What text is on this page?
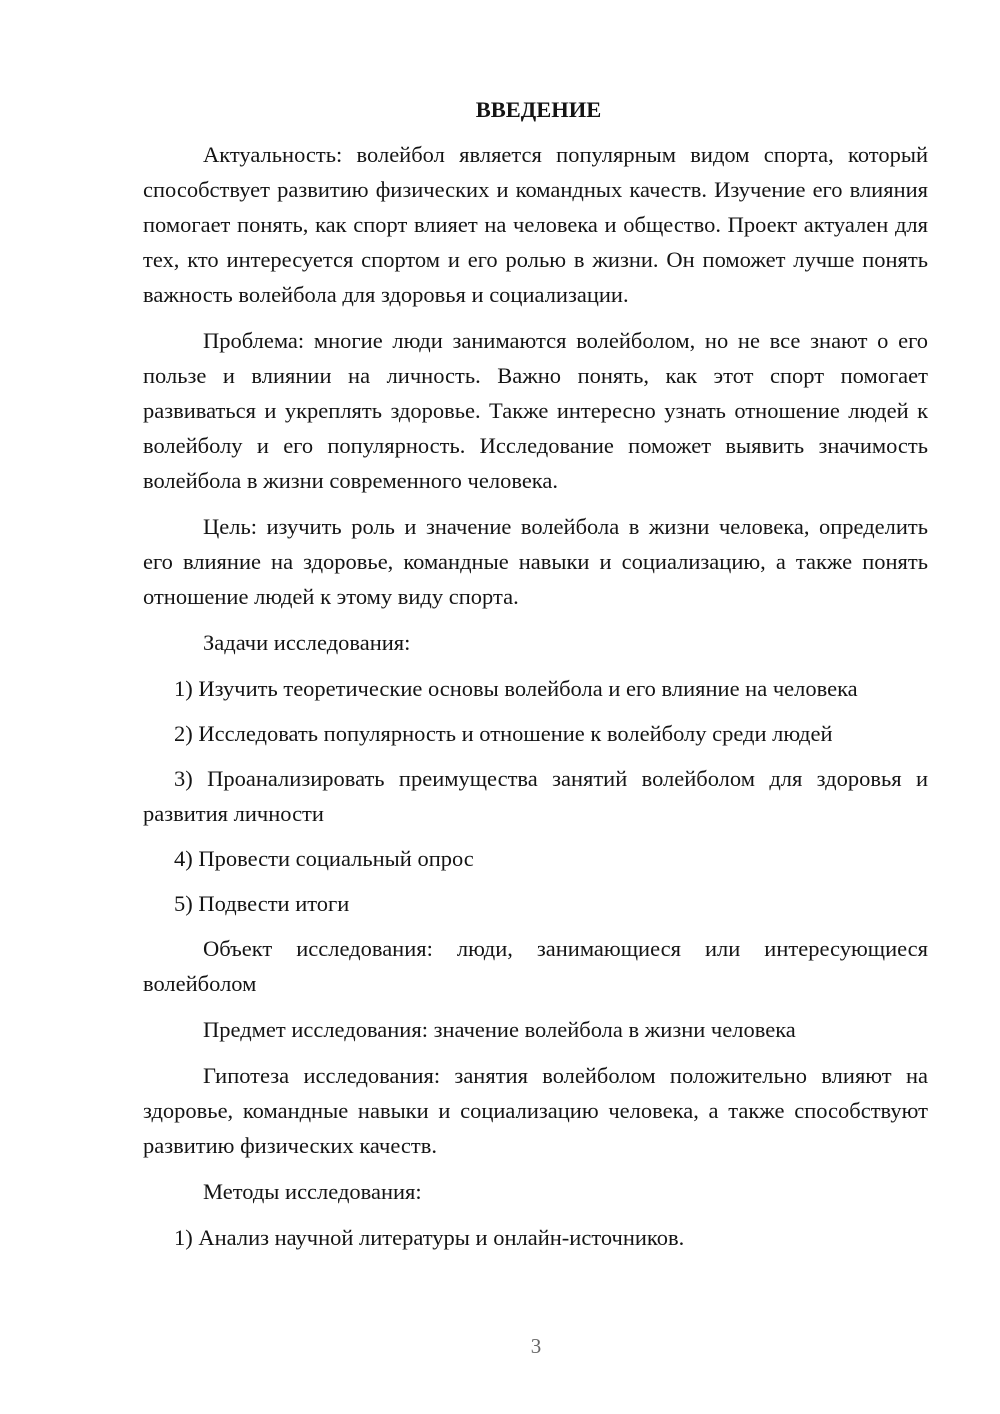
ВВЕДЕНИЕ

Актуальность: волейбол является популярным видом спорта, который способствует развитию физических и командных качеств. Изучение его влияния помогает понять, как спорт влияет на человека и общество. Проект актуален для тех, кто интересуется спортом и его ролью в жизни. Он поможет лучше понять важность волейбола для здоровья и социализации.

Проблема: многие люди занимаются волейболом, но не все знают о его пользе и влиянии на личность. Важно понять, как этот спорт помогает развиваться и укреплять здоровье. Также интересно узнать отношение людей к волейболу и его популярность. Исследование поможет выявить значимость волейбола в жизни современного человека.

Цель: изучить роль и значение волейбола в жизни человека, определить его влияние на здоровье, командные навыки и социализацию, а также понять отношение людей к этому виду спорта.

Задачи исследования:

1) Изучить теоретические основы волейбола и его влияние на человека

2) Исследовать популярность и отношение к волейболу среди людей

3) Проанализировать преимущества занятий волейболом для здоровья и развития личности

4) Провести социальный опрос

5) Подвести итоги

Объект исследования: люди, занимающиеся или интересующиеся волейболом

Предмет исследования: значение волейбола в жизни человека

Гипотеза исследования: занятия волейболом положительно влияют на здоровье, командные навыки и социализацию человека, а также способствуют развитию физических качеств.

Методы исследования:

1) Анализ научной литературы и онлайн-источников.

3
